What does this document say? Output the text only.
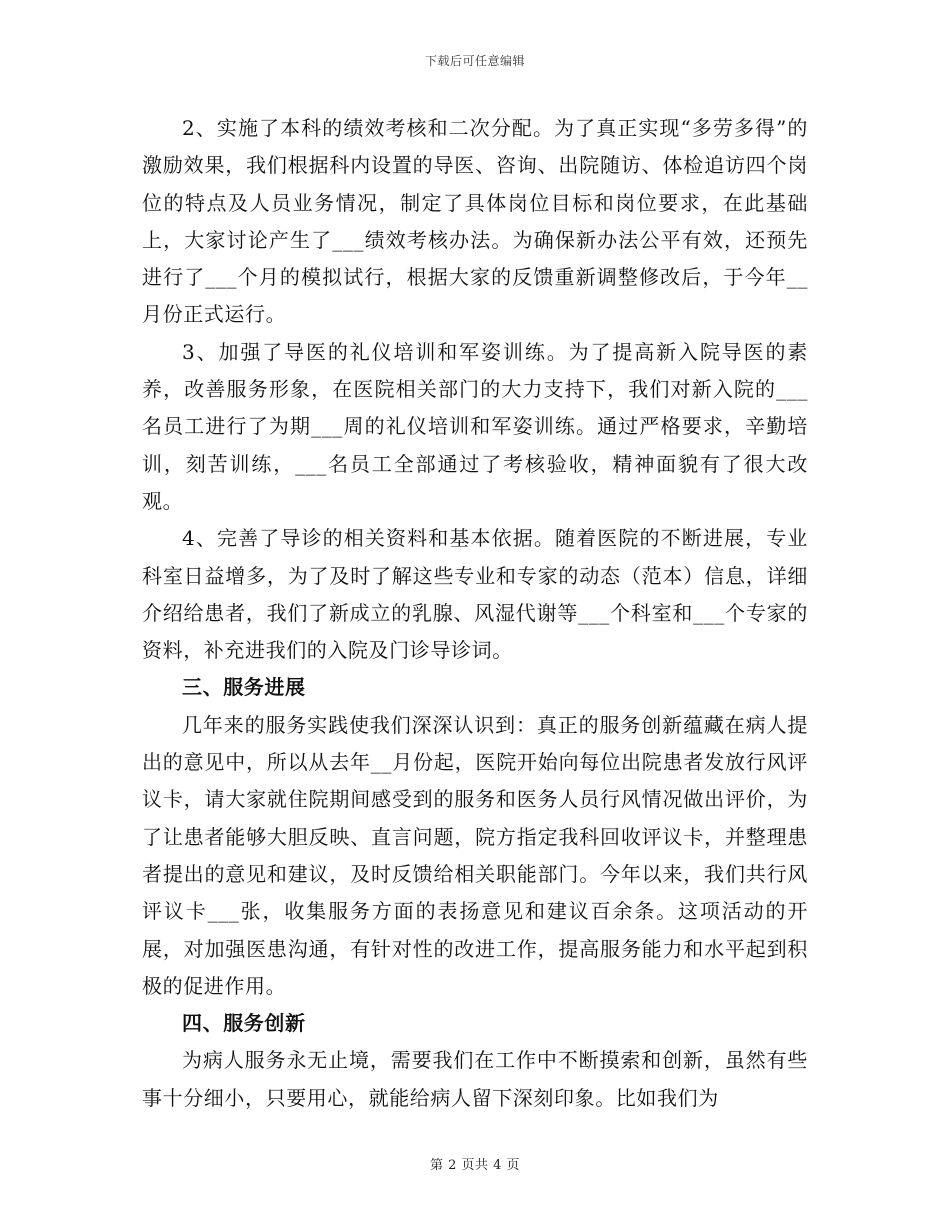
下载后可任意编辑

2、实施了本科的绩效考核和二次分配。为了真正实现“多劳多得”的激励效果，我们根据科内设置的导医、咨询、出院随访、体检追访四个岗位的特点及人员业务情况，制定了具体岗位目标和岗位要求，在此基础上，大家讨论产生了___绩效考核办法。为确保新办法公平有效，还预先进行了___个月的模拟试行，根据大家的反馈重新调整修改后，于今年__月份正式运行。

3、加强了导医的礼仪培训和军姿训练。为了提高新入院导医的素养，改善服务形象，在医院相关部门的大力支持下，我们对新入院的___名员工进行了为期___周的礼仪培训和军姿训练。通过严格要求，辛勤培训，刻苦训练，___名员工全部通过了考核验收，精神面貌有了很大改观。

4、完善了导诊的相关资料和基本依据。随着医院的不断进展，专业科室日益增多，为了及时了解这些专业和专家的动态（范本）信息，详细介绍给患者，我们了新成立的乳腺、风湿代谢等___个科室和___个专家的资料，补充进我们的入院及门诊导诊词。

三、服务进展

几年来的服务实践使我们深深认识到：真正的服务创新蕴藏在病人提出的意见中，所以从去年__月份起，医院开始向每位出院患者发放行风评议卡，请大家就住院期间感受到的服务和医务人员行风情况做出评价，为了让患者能够大胆反映、直言问题，院方指定我科回收评议卡，并整理患者提出的意见和建议，及时反馈给相关职能部门。今年以来，我们共行风评议卡___张，收集服务方面的表扬意见和建议百余条。这项活动的开展，对加强医患沟通，有针对性的改进工作，提高服务能力和水平起到积极的促进作用。

四、服务创新

为病人服务永无止境，需要我们在工作中不断摸索和创新，虽然有些事十分细小，只要用心，就能给病人留下深刻印象。比如我们为

第 2 页共 4 页
